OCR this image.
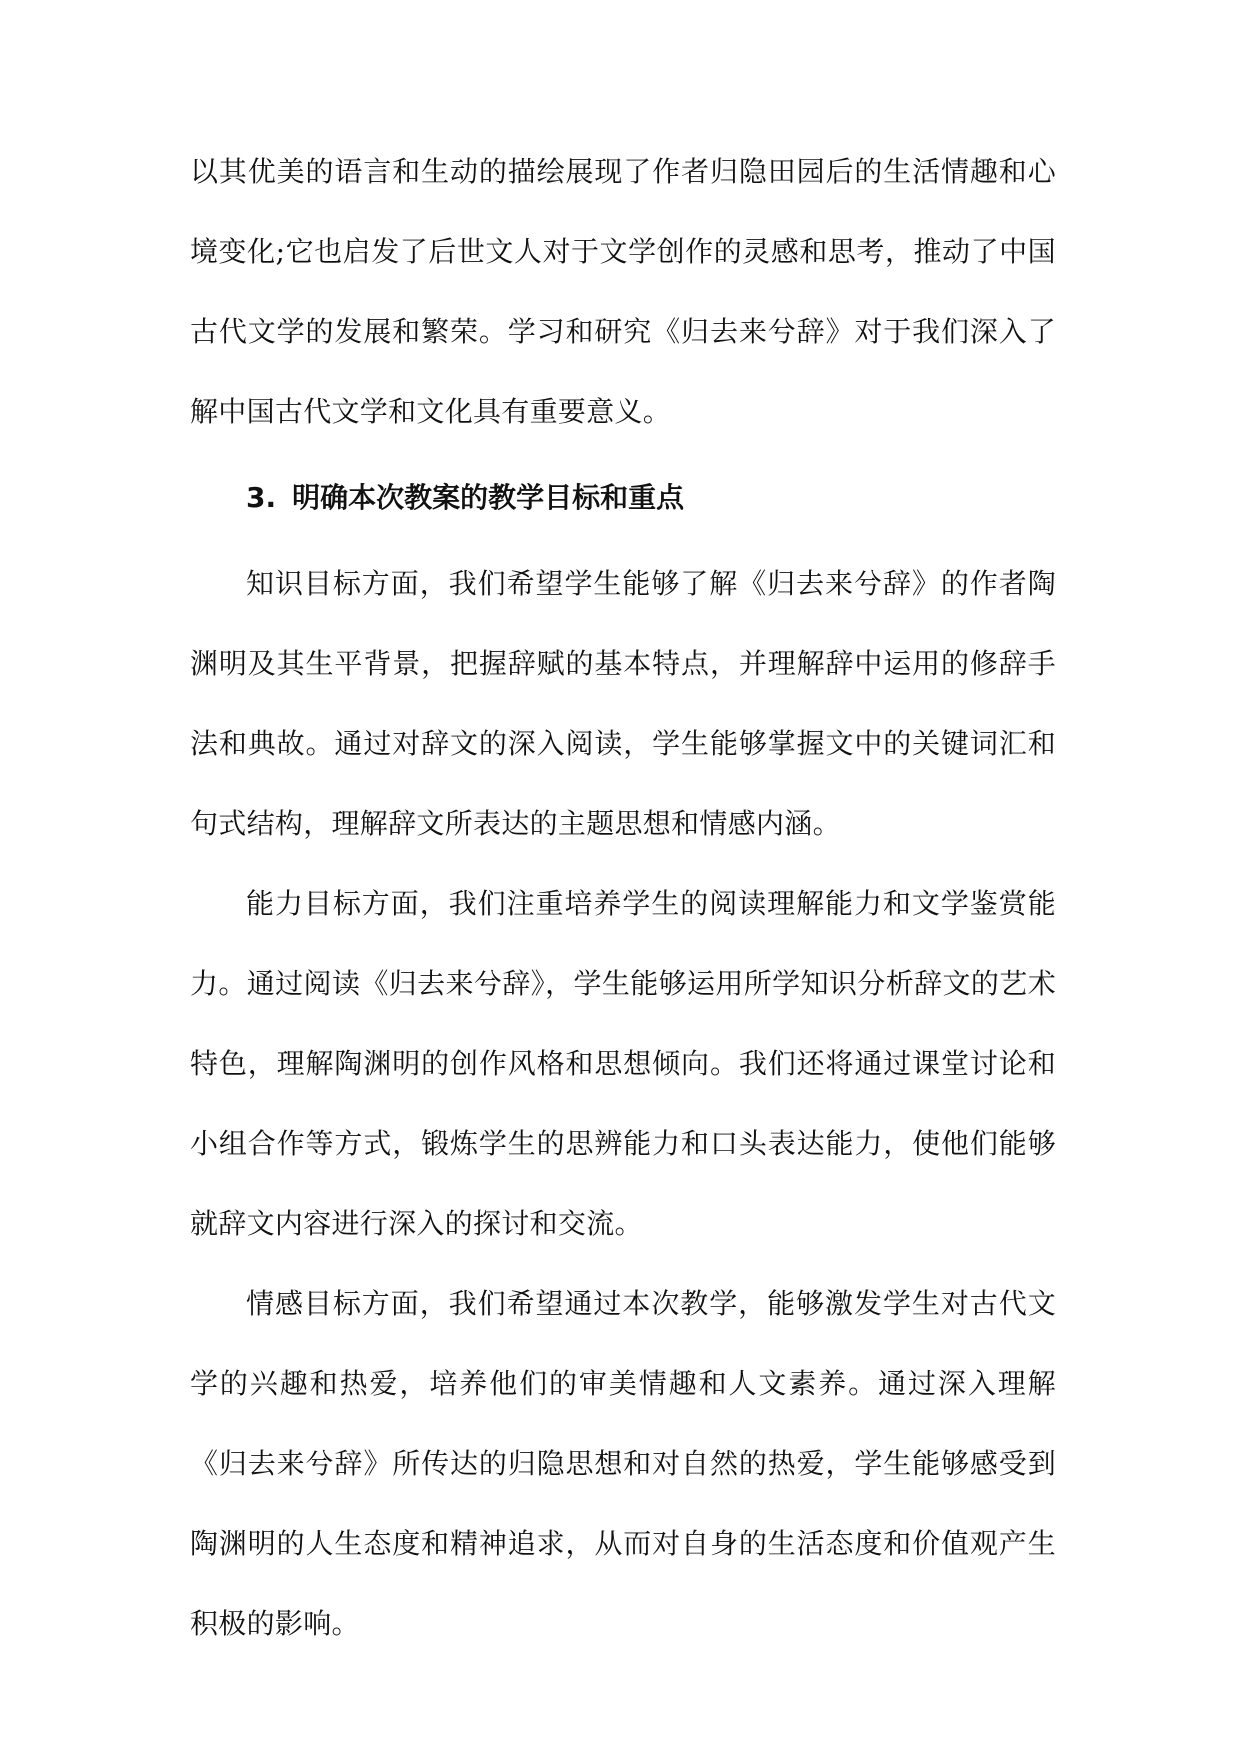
以其优美的语言和生动的描绘展现了作者归隐田园后的生活情趣和心境变化;它也启发了后世文人对于文学创作的灵感和思考，推动了中国古代文学的发展和繁荣。学习和研究《归去来兮辞》对于我们深入了解中国古代文学和文化具有重要意义。

3. 明确本次教案的教学目标和重点

知识目标方面，我们希望学生能够了解《归去来兮辞》的作者陶渊明及其生平背景，把握辞赋的基本特点，并理解辞中运用的修辞手法和典故。通过对辞文的深入阅读，学生能够掌握文中的关键词汇和句式结构，理解辞文所表达的主题思想和情感内涵。

能力目标方面，我们注重培养学生的阅读理解能力和文学鉴赏能力。通过阅读《归去来兮辞》，学生能够运用所学知识分析辞文的艺术特色，理解陶渊明的创作风格和思想倾向。我们还将通过课堂讨论和小组合作等方式，锻炼学生的思辨能力和口头表达能力，使他们能够就辞文内容进行深入的探讨和交流。

情感目标方面，我们希望通过本次教学，能够激发学生对古代文学的兴趣和热爱，培养他们的审美情趣和人文素养。通过深入理解《归去来兮辞》所传达的归隐思想和对自然的热爱，学生能够感受到陶渊明的人生态度和精神追求，从而对自身的生活态度和价值观产生积极的影响。
